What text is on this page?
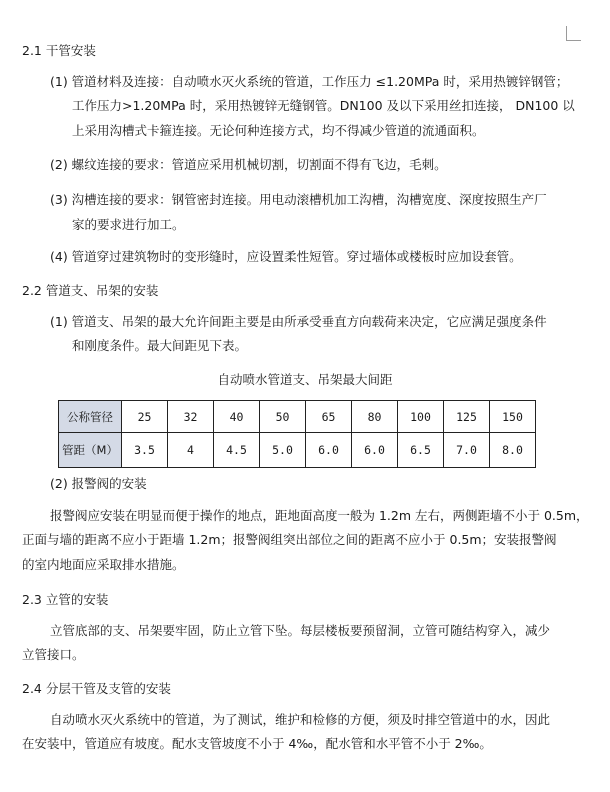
2.1 干管安装
(1) 管道材料及连接：自动喷水灭火系统的管道，工作压力 ≤1.20MPa 时，采用热镀锌钢管；
工作压力>1.20MPa 时，采用热镀锌无缝钢管。DN100 及以下采用丝扣连接， DN100 以
上采用沟槽式卡箍连接。无论何种连接方式，均不得减少管道的流通面积。
(2) 螺纹连接的要求：管道应采用机械切割，切割面不得有飞边，毛刺。
(3) 沟槽连接的要求：钢管密封连接。用电动滚槽机加工沟槽，沟槽宽度、深度按照生产厂
家的要求进行加工。
(4) 管道穿过建筑物时的变形缝时，应设置柔性短管。穿过墙体或楼板时应加设套管。
2.2 管道支、吊架的安装
(1) 管道支、吊架的最大允许间距主要是由所承受垂直方向载荷来决定，它应满足强度条件
和刚度条件。最大间距见下表。
自动喷水管道支、吊架最大间距
公称管径	25	32	40	50	65	80	100	125	150
管距（M）	3.5	4	4.5	5.0	6.0	6.0	6.5	7.0	8.0
(2) 报警阀的安装
报警阀应安装在明显而便于操作的地点，距地面高度一般为 1.2m 左右，两侧距墙不小于 0.5m，
正面与墙的距离不应小于距墙 1.2m；报警阀组突出部位之间的距离不应小于 0.5m；安装报警阀
的室内地面应采取排水措施。
2.3 立管的安装
立管底部的支、吊架要牢固，防止立管下坠。每层楼板要预留洞，立管可随结构穿入，减少
立管接口。
2.4 分层干管及支管的安装
自动喷水灭火系统中的管道，为了测试，维护和检修的方便，须及时排空管道中的水，因此
在安装中，管道应有坡度。配水支管坡度不小于 4‰，配水管和水平管不小于 2‰。
